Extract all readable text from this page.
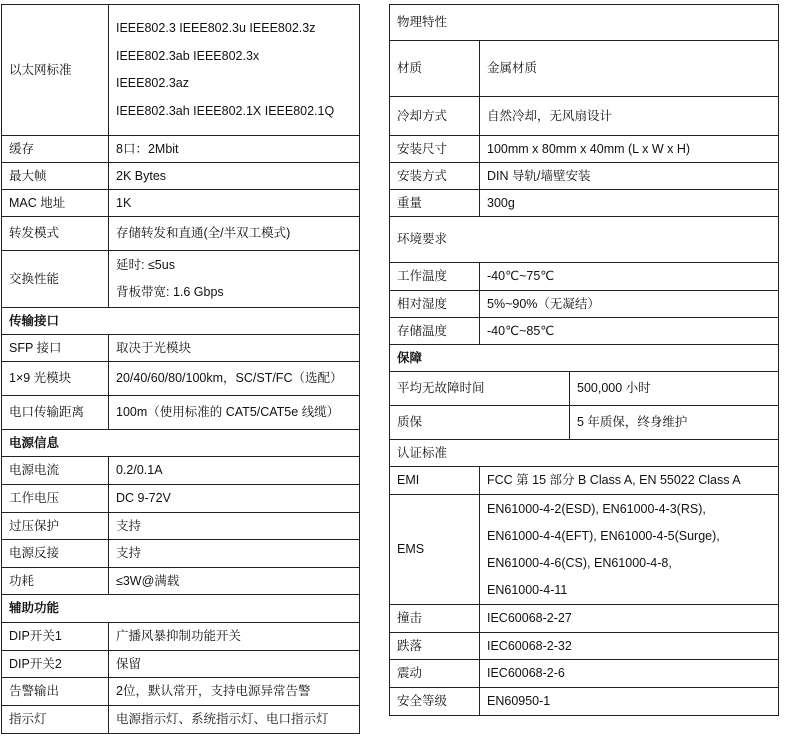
以太网标准	IEEE802.3 IEEE802.3u IEEE802.3z
IEEE802.3ab IEEE802.3x
IEEE802.3az
IEEE802.3ah IEEE802.1X IEEE802.1Q

缓存	8口：2Mbit
最大帧	2K Bytes
MAC 地址	1K
转发模式	存储转发和直通(全/半双工模式)
交换性能	延时: ≤5us
背板带宽: 1.6 Gbps

传输接口	
SFP 接口	取决于光模块
1×9 光模块	20/40/60/80/100km，SC/ST/FC（选配）
电口传输距离	100m（使用标准的 CAT5/CAT5e 线缆）
电源信息	
电源电流	0.2/0.1A
工作电压	DC 9-72V
过压保护	支持
电源反接	支持
功耗	≤3W@满载
辅助功能	
DIP开关1	广播风暴抑制功能开关
DIP开关2	保留
告警输出	2位，默认常开，支持电源异常告警
指示灯	电源指示灯、系统指示灯、电口指示灯
物理特性		
材质	金属材质	
冷却方式	自然冷却，无风扇设计	
安装尺寸	100mm x 80mm x 40mm (L x W x H)	
安装方式	DIN 导轨/墙壁安装	
重量	300g	
环境要求		
工作温度	-40℃~75℃	
相对湿度	5%~90%（无凝结）	
存储温度	-40℃~85℃	
保障		
平均无故障时间		500,000 小时
质保		5 年质保，终身维护
认证标准		
EMI	FCC 第 15 部分 B Class A, EN 55022 Class A	
EMS	EN61000-4-2(ESD), EN61000-4-3(RS),
EN61000-4-4(EFT), EN61000-4-5(Surge),
EN61000-4-6(CS), EN61000-4-8,
EN61000-4-11	

撞击	IEC60068-2-27	
跌落	IEC60068-2-32	
震动	IEC60068-2-6	
安全等级	EN60950-1	
